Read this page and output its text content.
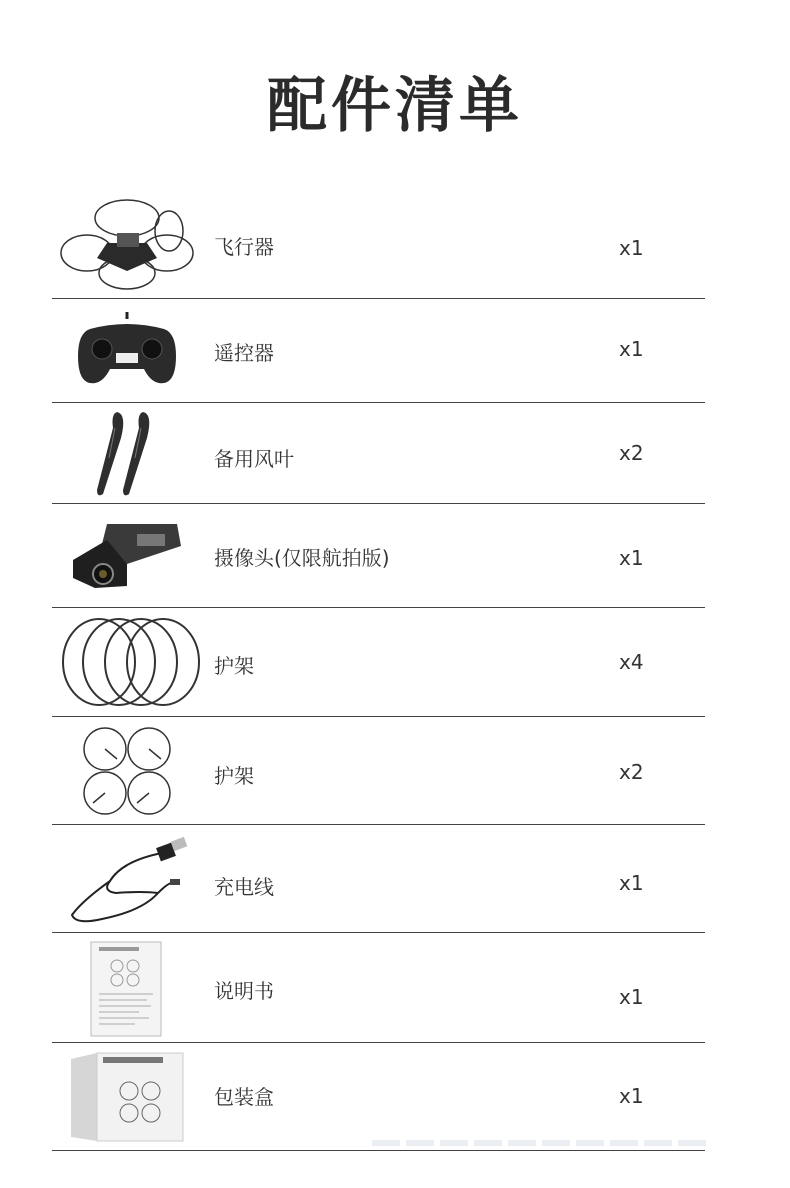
配件清单
飞行器	x1
遥控器	x1
备用风叶	x2
摄像头(仅限航拍版)	x1
护架	x4
护架	x2
充电线	x1
说明书	x1
包装盒	x1
